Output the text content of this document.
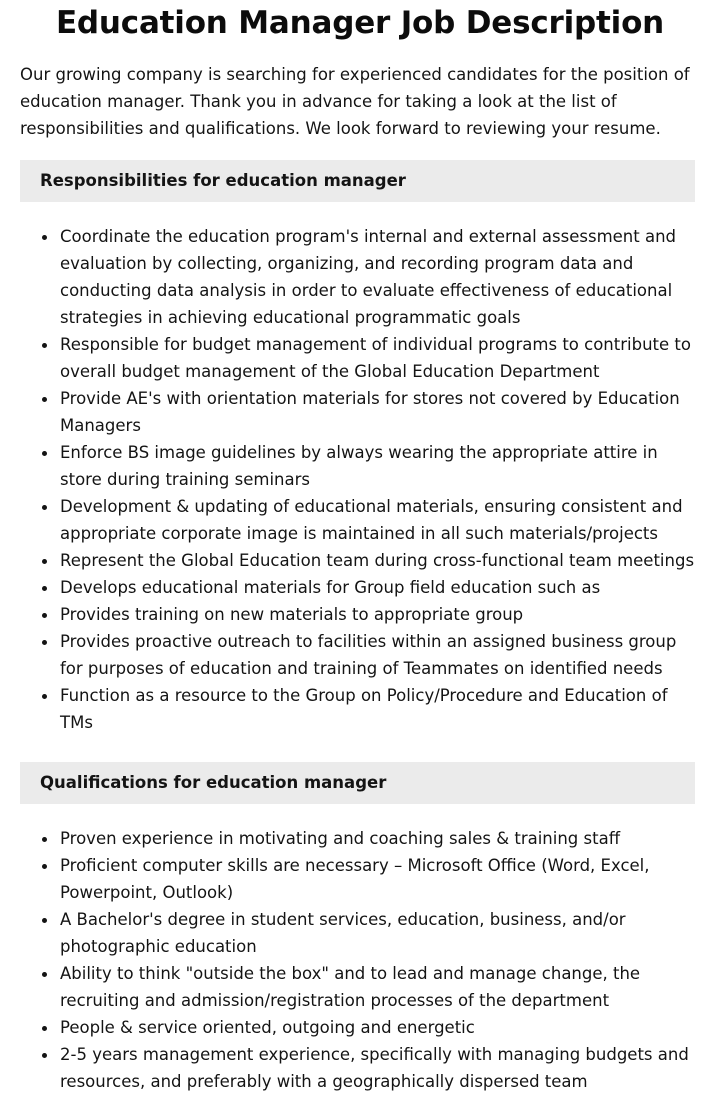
Education Manager Job Description

Our growing company is searching for experienced candidates for the position of education manager. Thank you in advance for taking a look at the list of responsibilities and qualifications. We look forward to reviewing your resume.

Responsibilities for education manager
Coordinate the education program's internal and external assessment and evaluation by collecting, organizing, and recording program data and conducting data analysis in order to evaluate effectiveness of educational strategies in achieving educational programmatic goals
Responsible for budget management of individual programs to contribute to overall budget management of the Global Education Department
Provide AE's with orientation materials for stores not covered by Education Managers
Enforce BS image guidelines by always wearing the appropriate attire in store during training seminars
Development & updating of educational materials, ensuring consistent and appropriate corporate image is maintained in all such materials/projects
Represent the Global Education team during cross-functional team meetings
Develops educational materials for Group field education such as
Provides training on new materials to appropriate group
Provides proactive outreach to facilities within an assigned business group for purposes of education and training of Teammates on identified needs
Function as a resource to the Group on Policy/Procedure and Education of TMs
Qualifications for education manager
Proven experience in motivating and coaching sales & training staff
Proficient computer skills are necessary – Microsoft Office (Word, Excel, Powerpoint, Outlook)
A Bachelor's degree in student services, education, business, and/or photographic education
Ability to think "outside the box" and to lead and manage change, the recruiting and admission/registration processes of the department
People & service oriented, outgoing and energetic
2-5 years management experience, specifically with managing budgets and resources, and preferably with a geographically dispersed team
